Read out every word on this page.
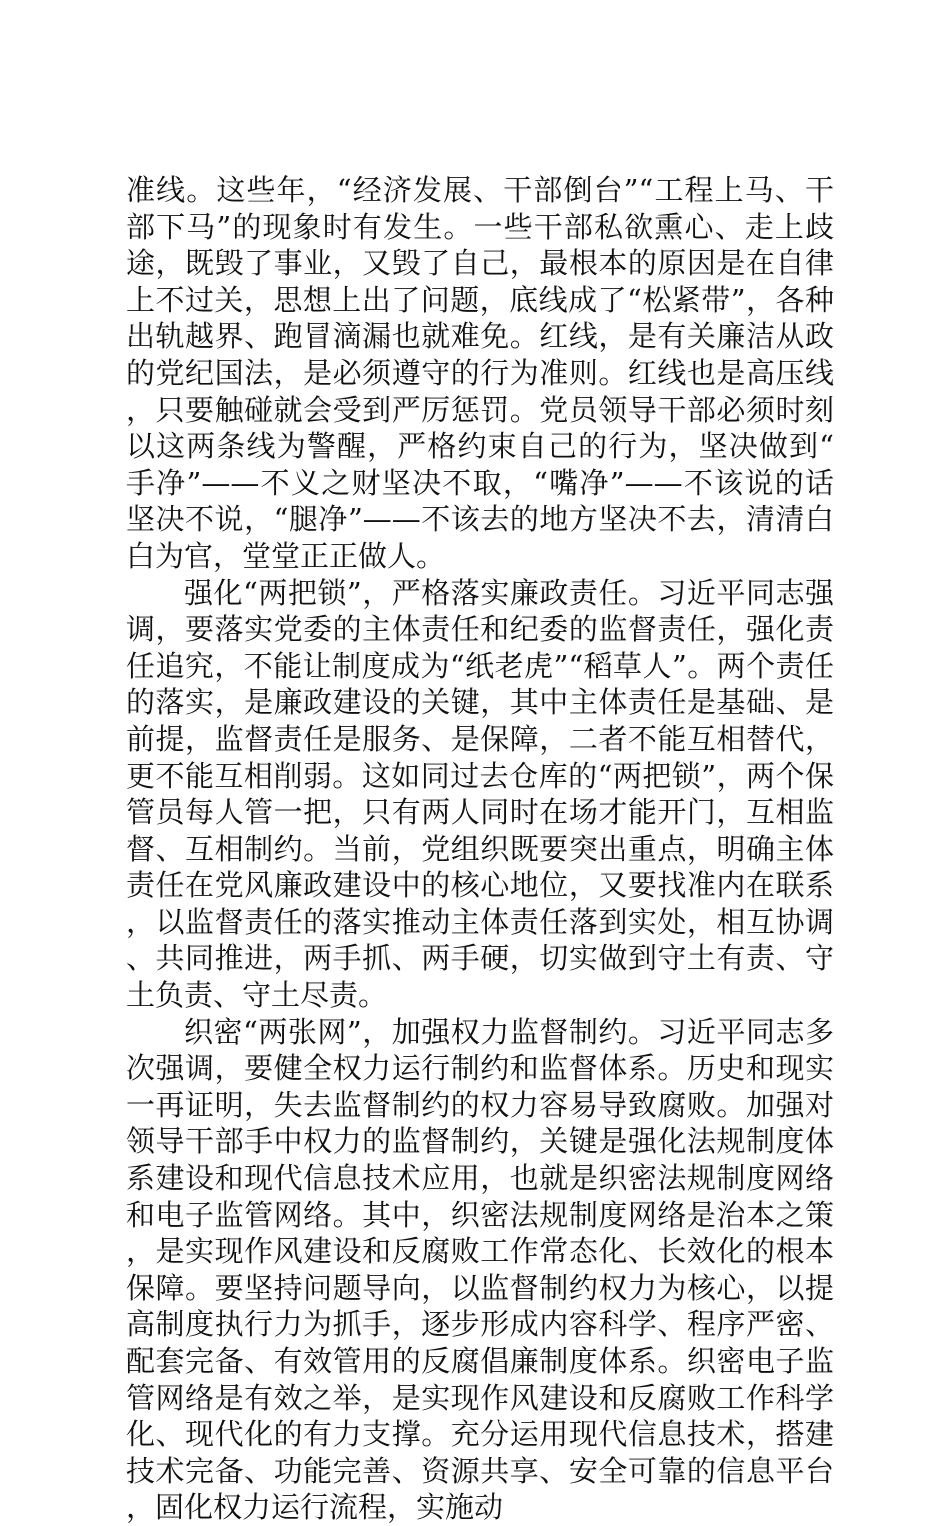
准线。这些年，“经济发展、干部倒台”“工程上马、干部下马”的现象时有发生。一些干部私欲熏心、走上歧途，既毁了事业，又毁了自己，最根本的原因是在自律上不过关，思想上出了问题，底线成了“松紧带”，各种出轨越界、跑冒滴漏也就难免。红线，是有关廉洁从政的党纪国法，是必须遵守的行为准则。红线也是高压线，只要触碰就会受到严厉惩罚。党员领导干部必须时刻以这两条线为警醒，严格约束自己的行为，坚决做到“手净”——不义之财坚决不取，“嘴净”——不该说的话坚决不说，“腿净”——不该去的地方坚决不去，清清白白为官，堂堂正正做人。

强化“两把锁”，严格落实廉政责任。习近平同志强调，要落实党委的主体责任和纪委的监督责任，强化责任追究，不能让制度成为“纸老虎”“稻草人”。两个责任的落实，是廉政建设的关键，其中主体责任是基础、是前提，监督责任是服务、是保障，二者不能互相替代，更不能互相削弱。这如同过去仓库的“两把锁”，两个保管员每人管一把，只有两人同时在场才能开门，互相监督、互相制约。当前，党组织既要突出重点，明确主体责任在党风廉政建设中的核心地位，又要找准内在联系，以监督责任的落实推动主体责任落到实处，相互协调、共同推进，两手抓、两手硬，切实做到守土有责、守土负责、守土尽责。

织密“两张网”，加强权力监督制约。习近平同志多次强调，要健全权力运行制约和监督体系。历史和现实一再证明，失去监督制约的权力容易导致腐败。加强对领导干部手中权力的监督制约，关键是强化法规制度体系建设和现代信息技术应用，也就是织密法规制度网络和电子监管网络。其中，织密法规制度网络是治本之策，是实现作风建设和反腐败工作常态化、长效化的根本保障。要坚持问题导向，以监督制约权力为核心，以提高制度执行力为抓手，逐步形成内容科学、程序严密、配套完备、有效管用的反腐倡廉制度体系。织密电子监管网络是有效之举，是实现作风建设和反腐败工作科学化、现代化的有力支撑。充分运用现代信息技术，搭建技术完备、功能完善、资源共享、安全可靠的信息平台，固化权力运行流程，实施动
